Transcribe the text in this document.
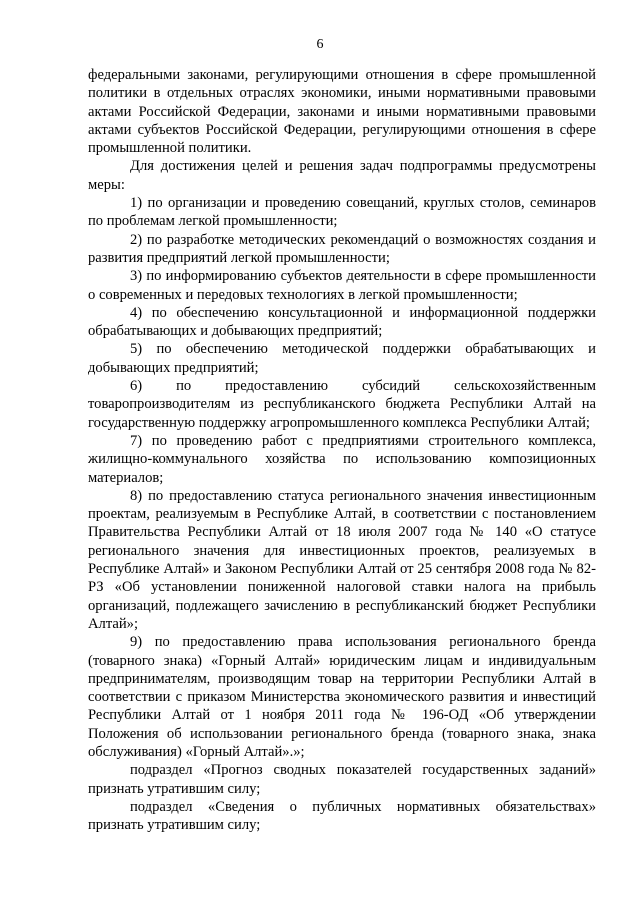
6

федеральными законами, регулирующими отношения в сфере промышленной политики в отдельных отраслях экономики, иными нормативными правовыми актами Российской Федерации, законами и иными нормативными правовыми актами субъектов Российской Федерации, регулирующими отношения в сфере промышленной политики.

Для достижения целей и решения задач подпрограммы предусмотрены меры:

1) по организации и проведению совещаний, круглых столов, семинаров по проблемам легкой промышленности;

2) по разработке методических рекомендаций о возможностях создания и развития предприятий легкой промышленности;

3) по информированию субъектов деятельности в сфере промышленности о современных и передовых технологиях в легкой промышленности;

4) по обеспечению консультационной и информационной поддержки обрабатывающих и добывающих предприятий;

5) по обеспечению методической поддержки обрабатывающих и добывающих предприятий;

6) по предоставлению субсидий сельскохозяйственным товаропроизводителям из республиканского бюджета Республики Алтай на государственную поддержку агропромышленного комплекса Республики Алтай;

7) по проведению работ с предприятиями строительного комплекса, жилищно-коммунального хозяйства по использованию композиционных материалов;

8) по предоставлению статуса регионального значения инвестиционным проектам, реализуемым в Республике Алтай, в соответствии с постановлением Правительства Республики Алтай от 18 июля 2007 года № 140 «О статусе регионального значения для инвестиционных проектов, реализуемых в Республике Алтай» и Законом Республики Алтай от 25 сентября 2008 года № 82-РЗ «Об установлении пониженной налоговой ставки налога на прибыль организаций, подлежащего зачислению в республиканский бюджет Республики Алтай»;

9) по предоставлению права использования регионального бренда (товарного знака) «Горный Алтай» юридическим лицам и индивидуальным предпринимателям, производящим товар на территории Республики Алтай в соответствии с приказом Министерства экономического развития и инвестиций Республики Алтай от 1 ноября 2011 года № 196-ОД «Об утверждении Положения об использовании регионального бренда (товарного знака, знака обслуживания) «Горный Алтай».»;

подраздел «Прогноз сводных показателей государственных заданий» признать утратившим силу;

подраздел «Сведения о публичных нормативных обязательствах» признать утратившим силу;
